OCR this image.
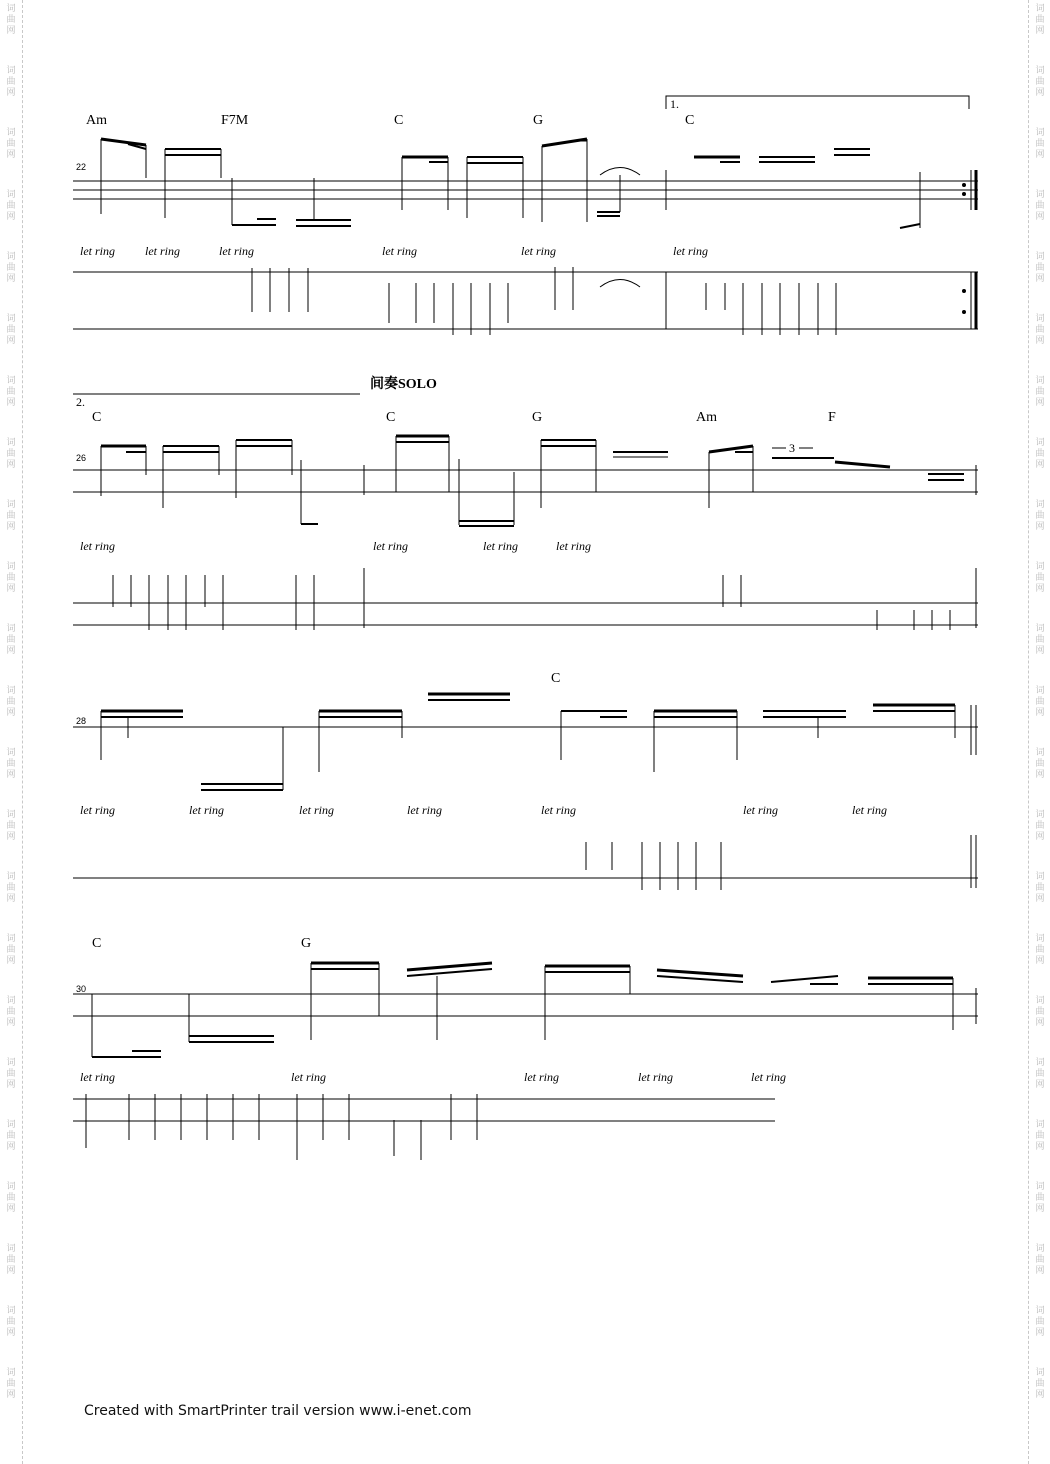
词
曲
网
词
曲
网
词
曲
网
词
曲
网
词
曲
网
词
曲
网
词
曲
网
词
曲
网
词
曲
网
词
曲
网
词
曲
网
词
曲
网
词
曲
网
词
曲
网
词
曲
网
词
曲
网
词
曲
网
词
曲
网
词
曲
网
词
曲
网
词
曲
网
词
曲
网
词
曲
网
词
曲
网
词
曲
网
词
曲
网
词
曲
网
词
曲
网
词
曲
网
词
曲
网
词
曲
网
词
曲
网
词
曲
网
词
曲
网
词
曲
网
词
曲
网
词
曲
网
词
曲
网
词
曲
网
词
曲
网
词
曲
网
词
曲
网
词
曲
网
词
曲
网
词
曲
网
词
曲
网
1.
2.
间奏SOLO
22
26
28
30
Am	F7M	C	G	C
C	C	G	Am	F
C
C	G
3
let ring	let ring	let ring	let ring	let ring	let ring
let ring	let ring	let ring	let ring
let ring	let ring	let ring	let ring	let ring	let ring	let ring
let ring	let ring	let ring	let ring	let ring
Created with SmartPrinter trail version www.i-enet.com
